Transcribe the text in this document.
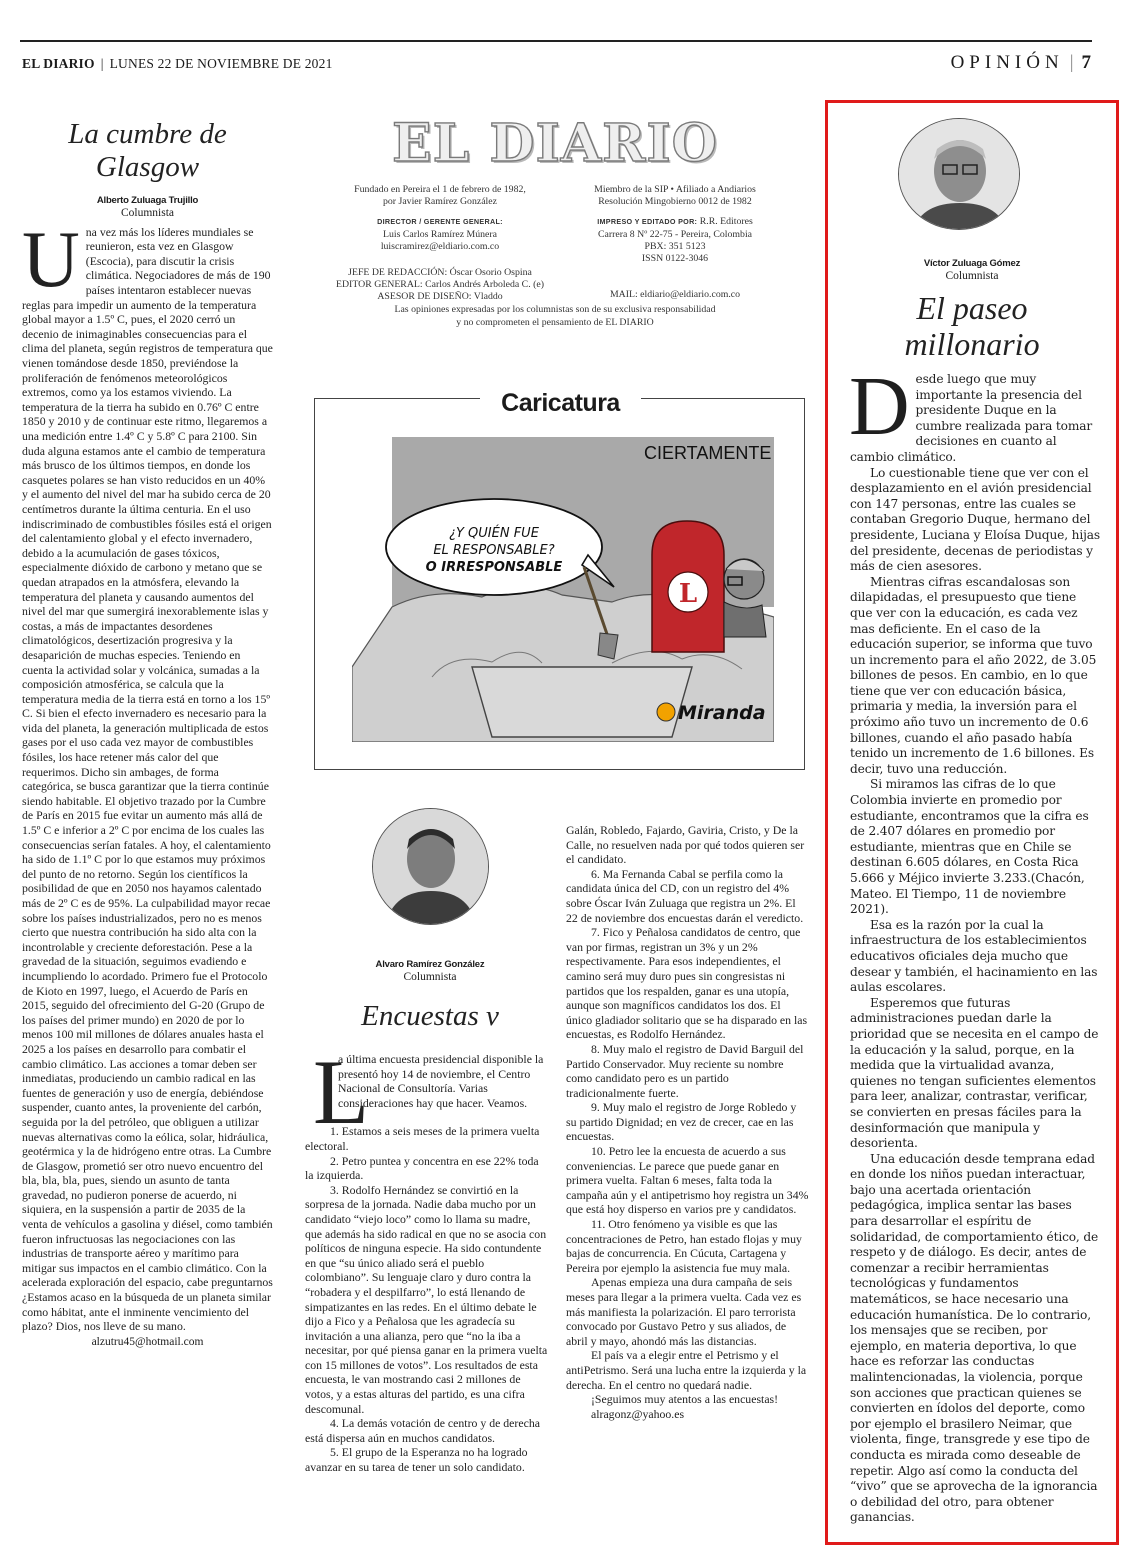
EL DIARIO | LUNES 22 DE NOVIEMBRE DE 2021	OPINIÓN | 7
La cumbre de
Glasgow
Alberto Zuluaga Trujillo
Columnista
Una vez más los líderes mundiales se reunieron, esta vez en Glasgow (Escocia), para discutir la crisis climática. Negociadores de más de 190 países intentaron establecer nuevas reglas para impedir un aumento de la temperatura global mayor a 1.5º C, pues, el 2020 cerró un decenio de inimaginables consecuencias para el clima del planeta, según registros de temperatura que vienen tomándose desde 1850, previéndose la proliferación de fenómenos meteorológicos extremos, como ya los estamos viviendo. La temperatura de la tierra ha subido en 0.76º C entre 1850 y 2010 y de continuar este ritmo, llegaremos a una medición entre 1.4º C y 5.8º C para 2100. Sin duda alguna estamos ante el cambio de temperatura más brusco de los últimos tiempos, en donde los casquetes polares se han visto reducidos en un 40% y el aumento del nivel del mar ha subido cerca de 20 centímetros durante la última centuria. En el uso indiscriminado de combustibles fósiles está el origen del calentamiento global y el efecto invernadero, debido a la acumulación de gases tóxicos, especialmente dióxido de carbono y metano que se quedan atrapados en la atmósfera, elevando la temperatura del planeta y causando aumentos del nivel del mar que sumergirá inexorablemente islas y costas, a más de impactantes desordenes climatológicos, desertización progresiva y la desaparición de muchas especies. Teniendo en cuenta la actividad solar y volcánica, sumadas a la composición atmosférica, se calcula que la temperatura media de la tierra está en torno a los 15º C. Si bien el efecto invernadero es necesario para la vida del planeta, la generación multiplicada de estos gases por el uso cada vez mayor de combustibles fósiles, los hace retener más calor del que requerimos. Dicho sin ambages, de forma categórica, se busca garantizar que la tierra continúe siendo habitable. El objetivo trazado por la Cumbre de París en 2015 fue evitar un aumento más allá de 1.5º C e inferior a 2º C por encima de los cuales las consecuencias serían fatales. A hoy, el calentamiento ha sido de 1.1º C por lo que estamos muy próximos del punto de no retorno. Según los científicos la posibilidad de que en 2050 nos hayamos calentado más de 2º C es de 95%. La culpabilidad mayor recae sobre los países industrializados, pero no es menos cierto que nuestra contribución ha sido alta con la incontrolable y creciente deforestación. Pese a la gravedad de la situación, seguimos evadiendo e incumpliendo lo acordado. Primero fue el Protocolo de Kioto en 1997, luego, el Acuerdo de París en 2015, seguido del ofrecimiento del G-20 (Grupo de los países del primer mundo) en 2020 de por lo menos 100 mil millones de dólares anuales hasta el 2025 a los países en desarrollo para combatir el cambio climático. Las acciones a tomar deben ser inmediatas, produciendo un cambio radical en las fuentes de generación y uso de energía, debiéndose suspender, cuanto antes, la proveniente del carbón, seguida por la del petróleo, que obliguen a utilizar nuevas alternativas como la eólica, solar, hidráulica, geotérmica y la de hidrógeno entre otras. La Cumbre de Glasgow, prometió ser otro nuevo encuentro del bla, bla, bla, pues, siendo un asunto de tanta gravedad, no pudieron ponerse de acuerdo, ni siquiera, en la suspensión a partir de 2035 de la venta de vehículos a gasolina y diésel, como también fueron infructuosas las negociaciones con las industrias de transporte aéreo y marítimo para mitigar sus impactos en el cambio climático. Con la acelerada exploración del espacio, cabe preguntarnos ¿Estamos acaso en la búsqueda de un planeta similar como hábitat, ante el inminente vencimiento del plazo? Dios, nos lleve de su mano.
alzutru45@hotmail.com
EL DIARIO
Fundado en Pereira el 1 de febrero de 1982,
por Javier Ramírez González
DIRECTOR / GERENTE GENERAL:
Luis Carlos Ramírez Múnera
luiscramirez@eldiario.com.co
Miembro de la SIP • Afiliado a Andiarios
Resolución Mingobierno 0012 de 1982
IMPRESO Y EDITADO POR: R.R. Editores
Carrera 8 Nº 22-75 - Pereira, Colombia
PBX: 351 5123
ISSN 0122-3046
JEFE DE REDACCIÓN: Óscar Osorio Ospina
EDITOR GENERAL: Carlos Andrés Arboleda C. (e)
ASESOR DE DISEÑO: Vladdo	MAIL: eldiario@eldiario.com.co
Las opiniones expresadas por los columnistas son de su exclusiva responsabilidad
y no comprometen el pensamiento de EL DIARIO
Caricatura
CIERTAMENTE
¿Y QUIÉN FUE
EL RESPONSABLE?
O IRRESPONSABLE
L
Miranda
Alvaro Ramírez González
Columnista
Encuestas v
L

a última encuesta presidencial disponible la presentó hoy 14 de noviembre, el Centro Nacional de Consultoría. Varias consideraciones hay que hacer. Veamos.

1. Estamos a seis meses de la primera vuelta electoral.

2. Petro puntea y concentra en ese 22% toda la izquierda.

3. Rodolfo Hernández se convirtió en la sorpresa de la jornada. Nadie daba mucho por un candidato “viejo loco” como lo llama su madre, que además ha sido radical en que no se asocia con políticos de ninguna especie. Ha sido contundente en que “su único aliado será el pueblo colombiano”. Su lenguaje claro y duro contra la “robadera y el despilfarro”, lo está llenando de simpatizantes en las redes. En el último debate le dijo a Fico y a Peñalosa que les agradecía su invitación a una alianza, pero que “no la iba a necesitar, por qué piensa ganar en la primera vuelta con 15 millones de votos”. Los resultados de esta encuesta, le van mostrando casi 2 millones de votos, y a estas alturas del partido, es una cifra descomunal.

4. La demás votación de centro y de derecha está dispersa aún en muchos candidatos.

5. El grupo de la Esperanza no ha logrado avanzar en su tarea de tener un solo candidato.

Galán, Robledo, Fajardo, Gaviria, Cristo, y De la Calle, no resuelven nada por qué todos quieren ser el candidato.

6. Ma Fernanda Cabal se perfila como la candidata única del CD, con un registro del 4% sobre Óscar Iván Zuluaga que registra un 2%. El 22 de noviembre dos encuestas darán el veredicto.

7. Fico y Peñalosa candidatos de centro, que van por firmas, registran un 3% y un 2% respectivamente. Para esos independientes, el camino será muy duro pues sin congresistas ni partidos que los respalden, ganar es una utopía, aunque son magníficos candidatos los dos. El único gladiador solitario que se ha disparado en las encuestas, es Rodolfo Hernández.

8. Muy malo el registro de David Barguil del Partido Conservador. Muy reciente su nombre como candidato pero es un partido tradicionalmente fuerte.

9. Muy malo el registro de Jorge Robledo y su partido Dignidad; en vez de crecer, cae en las encuestas.

10. Petro lee la encuesta de acuerdo a sus conveniencias. Le parece que puede ganar en primera vuelta. Faltan 6 meses, falta toda la campaña aún y el antipetrismo hoy registra un 34% que está hoy disperso en varios pre y candidatos.

11. Otro fenómeno ya visible es que las concentraciones de Petro, han estado flojas y muy bajas de concurrencia. En Cúcuta, Cartagena y Pereira por ejemplo la asistencia fue muy mala.

Apenas empieza una dura campaña de seis meses para llegar a la primera vuelta. Cada vez es más manifiesta la polarización. El paro terrorista convocado por Gustavo Petro y sus aliados, de abril y mayo, ahondó más las distancias.

El país va a elegir entre el Petrismo y el antiPetrismo. Será una lucha entre la izquierda y la derecha. En el centro no quedará nadie.

¡Seguimos muy atentos a las encuestas!

alragonz@yahoo.es

Víctor Zuluaga Gómez
Columnista
El paseo
millonario

Desde luego que muy importante la presencia del presidente Duque en la cumbre realizada para tomar decisiones en cuanto al cambio climático.

Lo cuestionable tiene que ver con el desplazamiento en el avión presidencial con 147 personas, entre las cuales se contaban Gregorio Duque, hermano del presidente, Luciana y Eloísa Duque, hijas del presidente, decenas de periodistas y más de cien asesores.

Mientras cifras escandalosas son dilapidadas, el presupuesto que tiene que ver con la educación, es cada vez mas deficiente. En el caso de la educación superior, se informa que tuvo un incremento para el año 2022, de 3.05 billones de pesos. En cambio, en lo que tiene que ver con educación básica, primaria y media, la inversión para el próximo año tuvo un incremento de 0.6 billones, cuando el año pasado había tenido un incremento de 1.6 billones. Es decir, tuvo una reducción.

Si miramos las cifras de lo que Colombia invierte en promedio por estudiante, encontramos que la cifra es de 2.407 dólares en promedio por estudiante, mientras que en Chile se destinan 6.605 dólares, en Costa Rica 5.666 y Méjico invierte 3.233.(Chacón, Mateo. El Tiempo, 11 de noviembre 2021).

Esa es la razón por la cual la infraestructura de los establecimientos educativos oficiales deja mucho que desear y también, el hacinamiento en las aulas escolares.

Esperemos que futuras administraciones puedan darle la prioridad que se necesita en el campo de la educación y la salud, porque, en la medida que la virtualidad avanza, quienes no tengan suficientes elementos para leer, analizar, contrastar, verificar, se convierten en presas fáciles para la desinformación que manipula y desorienta.

Una educación desde temprana edad en donde los niños puedan interactuar, bajo una acertada orientación pedagógica, implica sentar las bases para desarrollar el espíritu de solidaridad, de comportamiento ético, de respeto y de diálogo. Es decir, antes de comenzar a recibir herramientas tecnológicas y fundamentos matemáticos, se hace necesario una educación humanística. De lo contrario, los mensajes que se reciben, por ejemplo, en materia deportiva, lo que hace es reforzar las conductas malintencionadas, la violencia, porque son acciones que practican quienes se convierten en ídolos del deporte, como por ejemplo el brasilero Neimar, que violenta, finge, transgrede y ese tipo de conducta es mirada como deseable de repetir. Algo así como la conducta del “vivo” que se aprovecha de la ignorancia o debilidad del otro, para obtener ganancias.
